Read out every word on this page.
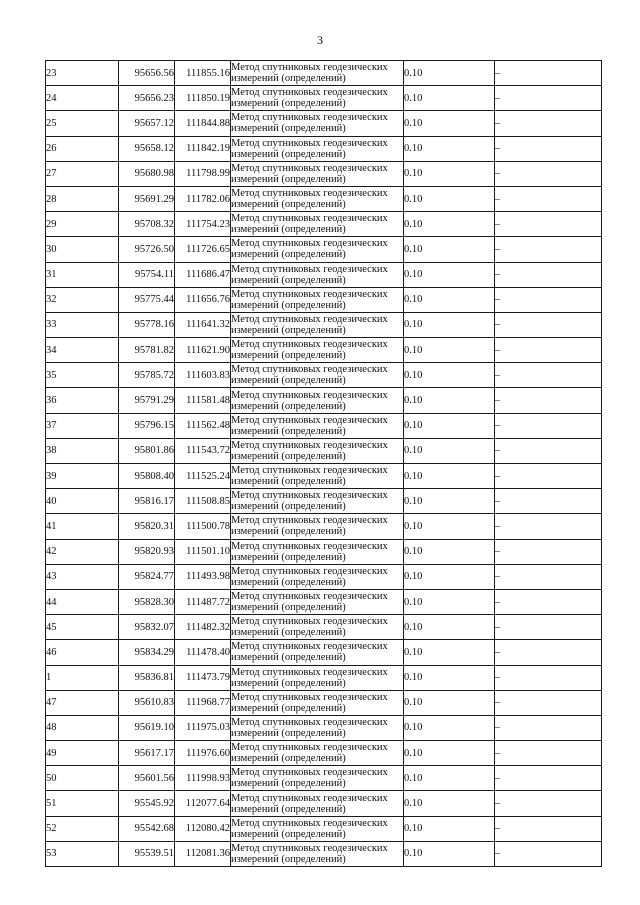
3
23	95656.56	111855.16	Метод спутниковых геодезических
измерений (определений)	0.10	–
24	95656.23	111850.19	Метод спутниковых геодезических
измерений (определений)	0.10	–
25	95657.12	111844.88	Метод спутниковых геодезических
измерений (определений)	0.10	–
26	95658.12	111842.19	Метод спутниковых геодезических
измерений (определений)	0.10	–
27	95680.98	111798.99	Метод спутниковых геодезических
измерений (определений)	0.10	–
28	95691.29	111782.06	Метод спутниковых геодезических
измерений (определений)	0.10	–
29	95708.32	111754.23	Метод спутниковых геодезических
измерений (определений)	0.10	–
30	95726.50	111726.65	Метод спутниковых геодезических
измерений (определений)	0.10	–
31	95754.11	111686.47	Метод спутниковых геодезических
измерений (определений)	0.10	–
32	95775.44	111656.76	Метод спутниковых геодезических
измерений (определений)	0.10	–
33	95778.16	111641.32	Метод спутниковых геодезических
измерений (определений)	0.10	–
34	95781.82	111621.90	Метод спутниковых геодезических
измерений (определений)	0.10	–
35	95785.72	111603.83	Метод спутниковых геодезических
измерений (определений)	0.10	–
36	95791.29	111581.48	Метод спутниковых геодезических
измерений (определений)	0.10	–
37	95796.15	111562.48	Метод спутниковых геодезических
измерений (определений)	0.10	–
38	95801.86	111543.72	Метод спутниковых геодезических
измерений (определений)	0.10	–
39	95808.40	111525.24	Метод спутниковых геодезических
измерений (определений)	0.10	–
40	95816.17	111508.85	Метод спутниковых геодезических
измерений (определений)	0.10	–
41	95820.31	111500.78	Метод спутниковых геодезических
измерений (определений)	0.10	–
42	95820.93	111501.10	Метод спутниковых геодезических
измерений (определений)	0.10	–
43	95824.77	111493.98	Метод спутниковых геодезических
измерений (определений)	0.10	–
44	95828.30	111487.72	Метод спутниковых геодезических
измерений (определений)	0.10	–
45	95832.07	111482.32	Метод спутниковых геодезических
измерений (определений)	0.10	–
46	95834.29	111478.40	Метод спутниковых геодезических
измерений (определений)	0.10	–
1	95836.81	111473.79	Метод спутниковых геодезических
измерений (определений)	0.10	–
47	95610.83	111968.77	Метод спутниковых геодезических
измерений (определений)	0.10	–
48	95619.10	111975.03	Метод спутниковых геодезических
измерений (определений)	0.10	–
49	95617.17	111976.60	Метод спутниковых геодезических
измерений (определений)	0.10	–
50	95601.56	111998.93	Метод спутниковых геодезических
измерений (определений)	0.10	–
51	95545.92	112077.64	Метод спутниковых геодезических
измерений (определений)	0.10	–
52	95542.68	112080.42	Метод спутниковых геодезических
измерений (определений)	0.10	–
53	95539.51	112081.36	Метод спутниковых геодезических
измерений (определений)	0.10	–
